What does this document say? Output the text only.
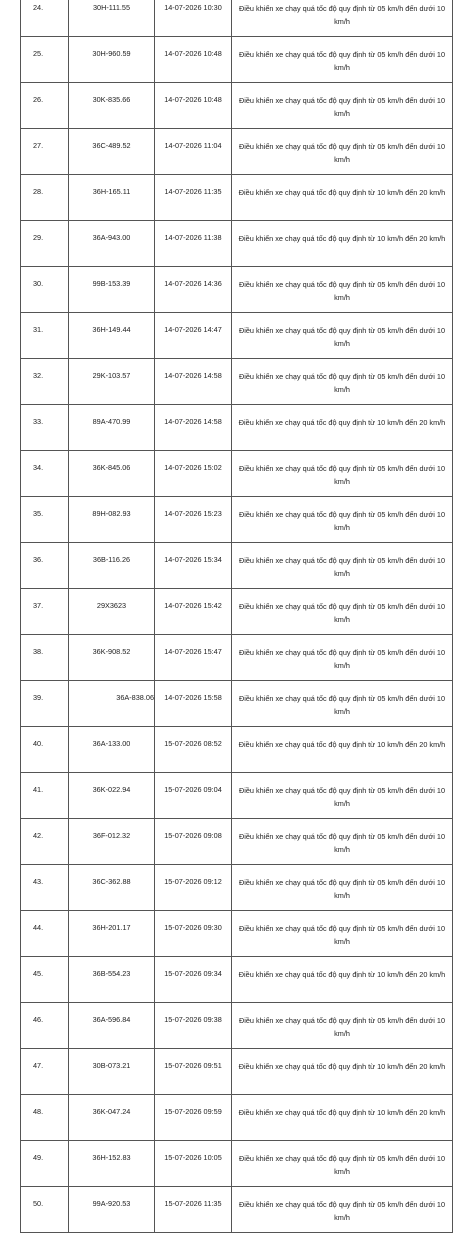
24.	30H-111.55	14-07-2026 10:30	Điều khiển xe chạy quá tốc độ quy định từ 05 km/h đến dưới 10 km/h
25.	30H-960.59	14-07-2026 10:48	Điều khiển xe chạy quá tốc độ quy định từ 05 km/h đến dưới 10 km/h
26.	30K-835.66	14-07-2026 10:48	Điều khiển xe chạy quá tốc độ quy định từ 05 km/h đến dưới 10 km/h
27.	36C-489.52	14-07-2026 11:04	Điều khiển xe chạy quá tốc độ quy định từ 05 km/h đến dưới 10 km/h
28.	36H-165.11	14-07-2026 11:35	Điều khiển xe chạy quá tốc độ quy định từ 10 km/h đến 20 km/h
29.	36A-943.00	14-07-2026 11:38	Điều khiển xe chạy quá tốc độ quy định từ 10 km/h đến 20 km/h
30.	99B-153.39	14-07-2026 14:36	Điều khiển xe chạy quá tốc độ quy định từ 05 km/h đến dưới 10 km/h
31.	36H-149.44	14-07-2026 14:47	Điều khiển xe chạy quá tốc độ quy định từ 05 km/h đến dưới 10 km/h
32.	29K-103.57	14-07-2026 14:58	Điều khiển xe chạy quá tốc độ quy định từ 05 km/h đến dưới 10 km/h
33.	89A-470.99	14-07-2026 14:58	Điều khiển xe chạy quá tốc độ quy định từ 10 km/h đến 20 km/h
34.	36K-845.06	14-07-2026 15:02	Điều khiển xe chạy quá tốc độ quy định từ 05 km/h đến dưới 10 km/h
35.	89H-082.93	14-07-2026 15:23	Điều khiển xe chạy quá tốc độ quy định từ 05 km/h đến dưới 10 km/h
36.	36B-116.26	14-07-2026 15:34	Điều khiển xe chạy quá tốc độ quy định từ 05 km/h đến dưới 10 km/h
37.	29X3623	14-07-2026 15:42	Điều khiển xe chạy quá tốc độ quy định từ 05 km/h đến dưới 10 km/h
38.	36K-908.52	14-07-2026 15:47	Điều khiển xe chạy quá tốc độ quy định từ 05 km/h đến dưới 10 km/h
39.	36A-838.06	14-07-2026 15:58	Điều khiển xe chạy quá tốc độ quy định từ 05 km/h đến dưới 10 km/h
40.	36A-133.00	15-07-2026 08:52	Điều khiển xe chạy quá tốc độ quy định từ 10 km/h đến 20 km/h
41.	36K-022.94	15-07-2026 09:04	Điều khiển xe chạy quá tốc độ quy định từ 05 km/h đến dưới 10 km/h
42.	36F-012.32	15-07-2026 09:08	Điều khiển xe chạy quá tốc độ quy định từ 05 km/h đến dưới 10 km/h
43.	36C-362.88	15-07-2026 09:12	Điều khiển xe chạy quá tốc độ quy định từ 05 km/h đến dưới 10 km/h
44.	36H-201.17	15-07-2026 09:30	Điều khiển xe chạy quá tốc độ quy định từ 05 km/h đến dưới 10 km/h
45.	36B-554.23	15-07-2026 09:34	Điều khiển xe chạy quá tốc độ quy định từ 10 km/h đến 20 km/h
46.	36A-596.84	15-07-2026 09:38	Điều khiển xe chạy quá tốc độ quy định từ 05 km/h đến dưới 10 km/h
47.	30B-073.21	15-07-2026 09:51	Điều khiển xe chạy quá tốc độ quy định từ 10 km/h đến 20 km/h
48.	36K-047.24	15-07-2026 09:59	Điều khiển xe chạy quá tốc độ quy định từ 10 km/h đến 20 km/h
49.	36H-152.83	15-07-2026 10:05	Điều khiển xe chạy quá tốc độ quy định từ 05 km/h đến dưới 10 km/h
50.	99A-920.53	15-07-2026 11:35	Điều khiển xe chạy quá tốc độ quy định từ 05 km/h đến dưới 10 km/h
